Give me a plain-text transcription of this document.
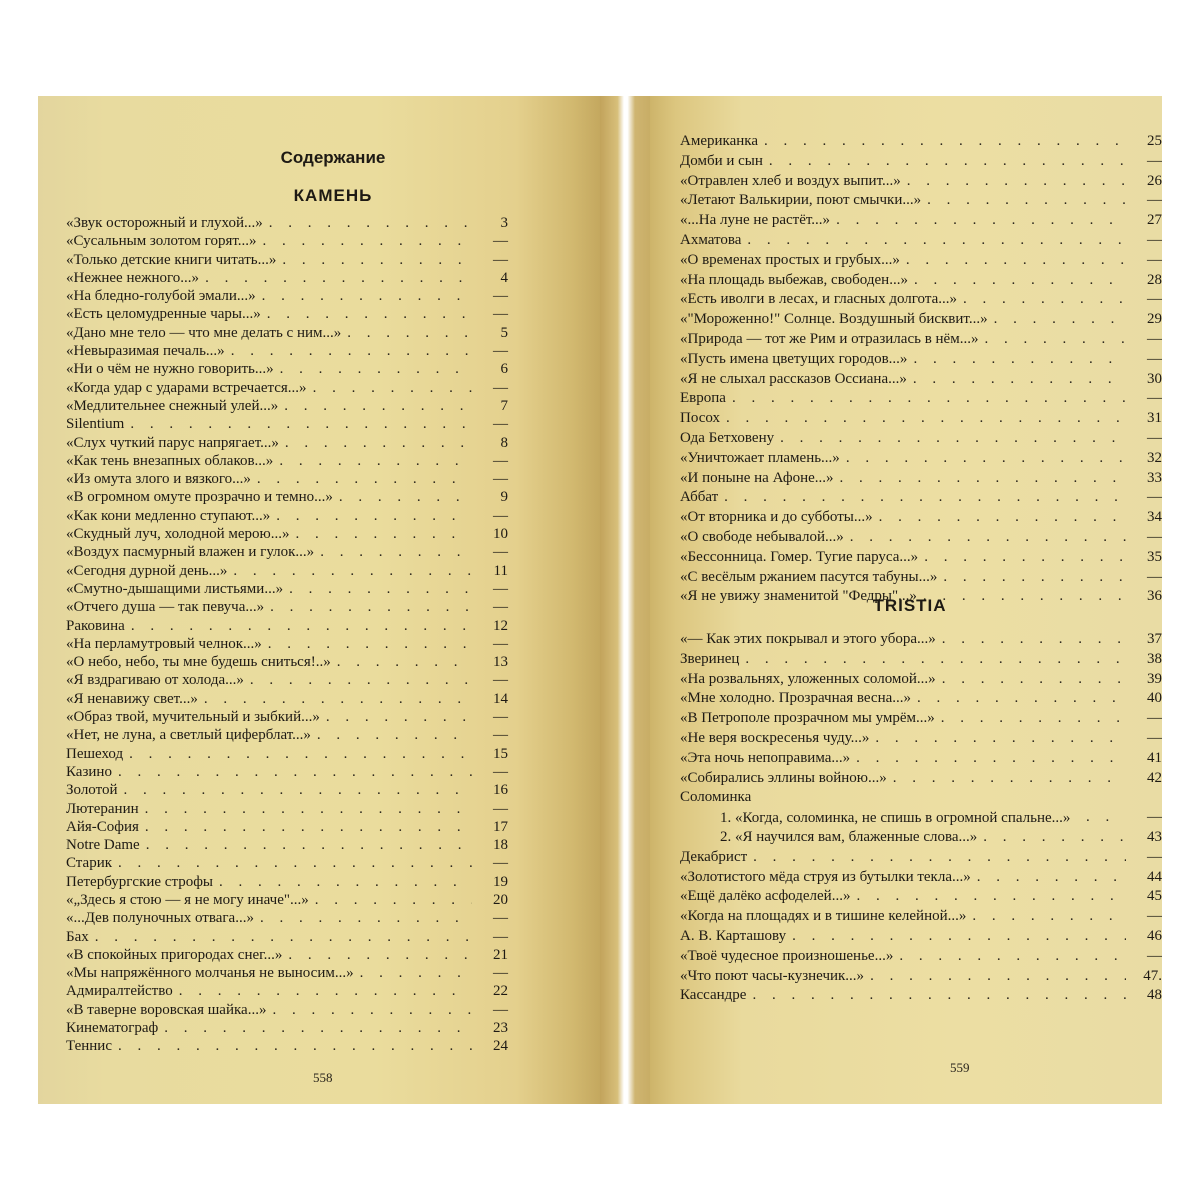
Содержание
КАМЕНЬ
«Звук осторожный и глухой...» . . .	3
«Сусальным золотом горят...» . . .	—
«Только детские книги читать...» . . .	—
«Нежнее нежного...» . . .	4
«На бледно-голубой эмали...» . . .	—
«Есть целомудренные чары...» . . .	—
«Дано мне тело — что мне делать с ним...» . . .	5
«Невыразимая печаль...» . . .	—
«Ни о чём не нужно говорить...» . . .	6
«Когда удар с ударами встречается...» . . .	—
«Медлительнее снежный улей...» . . .	7
Silentium . . .	—
«Слух чуткий парус напрягает...» . . .	8
«Как тень внезапных облаков...» . . .	—
«Из омута злого и вязкого...» . . .	—
«В огромном омуте прозрачно и темно...» . . .	9
«Как кони медленно ступают...» . . .	—
«Скудный луч, холодной мерою...» . . .	10
«Воздух пасмурный влажен и гулок...» . . .	—
«Сегодня дурной день...» . . .	11
«Смутно-дышащими листьями...» . . .	—
«Отчего душа — так певуча...» . . .	—
Раковина . . .	12
«На перламутровый челнок...» . . .	—
«О небо, небо, ты мне будешь сниться!..» . . .	13
«Я вздрагиваю от холода...» . . .	—
«Я ненавижу свет...» . . .	14
«Образ твой, мучительный и зыбкий...» . . .	—
«Нет, не луна, а светлый циферблат...» . . .	—
Пешеход . . .	15
Казино . . .	—
Золотой . . .	16
Лютеранин . . .	—
Айя-София . . .	17
Notre Dame . . .	18
Старик . . .	—
Петербургские строфы . . .	19
«„Здесь я стою — я не могу иначе"...» . . .	20
«...Дев полуночных отвага...» . . .	—
Бах . . .	—
«В спокойных пригородах снег...» . . .	21
«Мы напряжённого молчанья не выносим...» . . .	—
Адмиралтейство . . .	22
«В таверне воровская шайка...» . . .	—
Кинематограф . . .	23
Теннис . . .	24
558
Американка . . .	25
Домби и сын . . .	—
«Отравлен хлеб и воздух выпит...» . . .	26
«Летают Валькирии, поют смычки...» . . .	—
«...На луне не растёт...» . . .	27
Ахматова . . .	—
«О временах простых и грубых...» . . .	—
«На площадь выбежав, свободен...» . . .	28
«Есть иволги в лесах, и гласных долгота...» . . .	—
«"Мороженно!" Солнце. Воздушный бисквит...» . . .	29
«Природа — тот же Рим и отразилась в нём...» . . .	—
«Пусть имена цветущих городов...» . . .	—
«Я не слыхал рассказов Оссиана...» . . .	30
Европа . . .	—
Посох . . .	31
Ода Бетховену . . .	—
«Уничтожает пламень...» . . .	32
«И поныне на Афоне...» . . .	33
Аббат . . .	—
«От вторника и до субботы...» . . .	34
«О свободе небывалой...» . . .	—
«Бессонница. Гомер. Тугие паруса...» . . .	35
«С весёлым ржанием пасутся табуны...» . . .	—
«Я не увижу знаменитой "Федры"...» . . .	36
TRISTIA
«— Как этих покрывал и этого убора...» . . .	37
Зверинец . . .	38
«На розвальнях, уложенных соломой...» . . .	39
«Мне холодно. Прозрачная весна...» . . .	40
«В Петрополе прозрачном мы умрём...» . . .	—
«Не веря воскресенья чуду...» . . .	—
«Эта ночь непоправима...» . . .	41
«Собирались эллины войною...» . . .	42
Соломинка
1. «Когда, соломинка, не спишь в огромной спальне...» . . .	—
2. «Я научился вам, блаженные слова...» . . .	43
Декабрист . . .	—
«Золотистого мёда струя из бутылки текла...» . . .	44
«Ещё далёко асфоделей...» . . .	45
«Когда на площадях и в тишине келейной...» . . .	—
А. В. Карташову . . .	46
«Твоё чудесное произношенье...» . . .	—
«Что поют часы-кузнечик...» . . .	47.
Кассандре . . .	48
559
